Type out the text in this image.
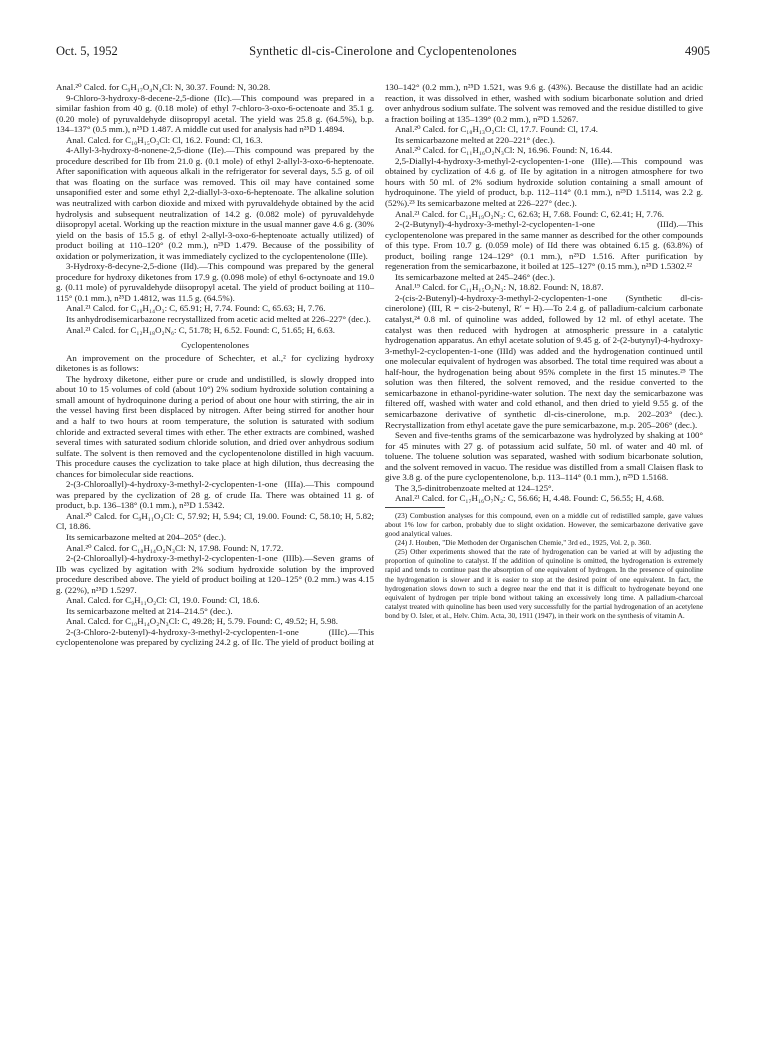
Oct. 5, 1952	Synthetic dl-cis-Cinerolone and Cyclopentenolones	4905

Anal.²⁰ Calcd. for C₉H₁₇O₄N₄Cl: N, 30.37. Found: N, 30.28.

9-Chloro-3-hydroxy-8-decene-2,5-dione (IIc).—This compound was prepared in a similar fashion from 40 g. (0.18 mole) of ethyl 7-chloro-3-oxo-6-octenoate and 35.1 g. (0.20 mole) of pyruvaldehyde diisopropyl acetal. The yield was 25.8 g. (64.5%), b.p. 134–137° (0.5 mm.), n²⁵D 1.487. A middle cut used for analysis had n²⁵D 1.4894.

Anal. Calcd. for C₁₀H₁₅O₃Cl: Cl, 16.2. Found: Cl, 16.3.

4-Allyl-3-hydroxy-8-nonene-2,5-dione (IIe).—This compound was prepared by the procedure described for IIb from 21.0 g. (0.1 mole) of ethyl 2-allyl-3-oxo-6-heptenoate. After saponification with aqueous alkali in the refrigerator for several days, 5.5 g. of oil that was floating on the surface was removed. This oil may have contained some unsaponified ester and some ethyl 2,2-diallyl-3-oxo-6-heptenoate. The alkaline solution was neutralized with carbon dioxide and mixed with pyruvaldehyde obtained by the acid hydrolysis and subsequent neutralization of 14.2 g. (0.082 mole) of pyruvaldehyde diisopropyl acetal. Working up the reaction mixture in the usual manner gave 4.6 g. (30% yield on the basis of 15.5 g. of ethyl 2-allyl-3-oxo-6-heptenoate actually utilized) of product boiling at 110–120° (0.2 mm.), n²⁵D 1.479. Because of the possibility of oxidation or polymerization, it was immediately cyclized to the cyclopentenolone (IIIe).

3-Hydroxy-8-decyne-2,5-dione (IId).—This compound was prepared by the general procedure for hydroxy diketones from 17.9 g. (0.098 mole) of ethyl 6-octynoate and 19.0 g. (0.11 mole) of pyruvaldehyde diisopropyl acetal. The yield of product boiling at 110–115° (0.1 mm.), n²⁵D 1.4812, was 11.5 g. (64.5%).

Anal.²¹ Calcd. for C₁₀H₁₄O₃: C, 65.91; H, 7.74. Found: C, 65.63; H, 7.76.

Its anhydrodisemicarbazone recrystallized from acetic acid melted at 226–227° (dec.).

Anal.²¹ Calcd. for C₁₂H₁₈O₂N₆: C, 51.78; H, 6.52. Found: C, 51.65; H, 6.63.

Cyclopentenolones

An improvement on the procedure of Schechter, et al.,² for cyclizing hydroxy diketones is as follows:

The hydroxy diketone, either pure or crude and undistilled, is slowly dropped into about 10 to 15 volumes of cold (about 10°) 2% sodium hydroxide solution containing a small amount of hydroquinone during a period of about one hour with stirring, the air in the vessel having first been displaced by nitrogen. After being stirred for another hour and a half to two hours at room temperature, the solution is saturated with sodium chloride and extracted several times with ether. The ether extracts are combined, washed several times with saturated sodium chloride solution, and dried over anhydrous sodium sulfate. The solvent is then removed and the cyclopentenolone distilled in high vacuum. This procedure causes the cyclization to take place at high dilution, thus decreasing the chances for bimolecular side reactions.

2-(3-Chloroallyl)-4-hydroxy-3-methyl-2-cyclopenten-1-one (IIIa).—This compound was prepared by the cyclization of 28 g. of crude IIa. There was obtained 11 g. of product, b.p. 136–138° (0.1 mm.), n²⁵D 1.5342.

Anal.²⁰ Calcd. for C₉H₁₁O₂Cl: C, 57.92; H, 5.94; Cl, 19.00. Found: C, 58.10; H, 5.82; Cl, 18.86.

Its semicarbazone melted at 204–205° (dec.).

Anal.²⁰ Calcd. for C₁₀H₁₄O₂N₃Cl: N, 17.98. Found: N, 17.72.

2-(2-Chloroallyl)-4-hydroxy-3-methyl-2-cyclopenten-1-one (IIIb).—Seven grams of IIb was cyclized by agitation with 2% sodium hydroxide solution by the improved procedure described above. The yield of product boiling at 120–125° (0.2 mm.) was 4.15 g. (22%), n²⁵D 1.5297.

Anal. Calcd. for C₉H₁₁O₂Cl: Cl, 19.0. Found: Cl, 18.6.

Its semicarbazone melted at 214–214.5° (dec.).

Anal. Calcd. for C₁₀H₁₄O₂N₃Cl: C, 49.28; H, 5.79. Found: C, 49.52; H, 5.98.

2-(3-Chloro-2-butenyl)-4-hydroxy-3-methyl-2-cyclopenten-1-one (IIIc).—This cyclopentenolone was prepared by cyclizing 24.2 g. of IIc. The yield of product boiling at

130–142° (0.2 mm.), n²⁵D 1.521, was 9.6 g. (43%). Because the distillate had an acidic reaction, it was dissolved in ether, washed with sodium bicarbonate solution and dried over anhydrous sodium sulfate. The solvent was removed and the residue distilled to give a fraction boiling at 135–139° (0.2 mm.), n²⁵D 1.5267.

Anal.²⁰ Calcd. for C₁₀H₁₃O₂Cl: Cl, 17.7. Found: Cl, 17.4.

Its semicarbazone melted at 220–221° (dec.).

Anal.²⁰ Calcd. for C₁₁H₁₆O₂N₃Cl: N, 16.96. Found: N, 16.44.

2,5-Diallyl-4-hydroxy-3-methyl-2-cyclopenten-1-one (IIIe).—This compound was obtained by cyclization of 4.6 g. of IIe by agitation in a nitrogen atmosphere for two hours with 50 ml. of 2% sodium hydroxide solution containing a small amount of hydroquinone. The yield of product, b.p. 112–114° (0.1 mm.), n²⁵D 1.5114, was 2.2 g. (52%).²³ Its semicarbazone melted at 226–227° (dec.).

Anal.²¹ Calcd. for C₁₃H₁₉O₂N₃: C, 62.63; H, 7.68. Found: C, 62.41; H, 7.76.

2-(2-Butynyl)-4-hydroxy-3-methyl-2-cyclopenten-1-one (IIId).—This cyclopentenolone was prepared in the same manner as described for the other compounds of this type. From 10.7 g. (0.059 mole) of IId there was obtained 6.15 g. (63.8%) of product, boiling range 124–129° (0.1 mm.), n²⁵D 1.516. After purification by regeneration from the semicarbazone, it boiled at 125–127° (0.15 mm.), n²⁵D 1.5302.²²

Its semicarbazone melted at 245–246° (dec.).

Anal.¹⁹ Calcd. for C₁₁H₁₅O₂N₃: N, 18.82. Found: N, 18.87.

2-(cis-2-Butenyl)-4-hydroxy-3-methyl-2-cyclopenten-1-one (Synthetic dl-cis-cinerolone) (III, R = cis-2-butenyl, R′ = H).—To 2.4 g. of palladium-calcium carbonate catalyst,²⁴ 0.8 ml. of quinoline was added, followed by 12 ml. of ethyl acetate. The catalyst was then reduced with hydrogen at atmospheric pressure in a catalytic hydrogenation apparatus. An ethyl acetate solution of 9.45 g. of 2-(2-butynyl)-4-hydroxy-3-methyl-2-cyclopenten-1-one (IIId) was added and the hydrogenation continued until one molecular equivalent of hydrogen was absorbed. The total time required was about a half-hour, the hydrogenation being about 95% complete in the first 15 minutes.²⁵ The solution was then filtered, the solvent removed, and the residue converted to the semicarbazone in ethanol-pyridine-water solution. The next day the semicarbazone was filtered off, washed with water and cold ethanol, and then dried to yield 9.55 g. of the semicarbazone derivative of synthetic dl-cis-cinerolone, m.p. 202–203° (dec.). Recrystallization from ethyl acetate gave the pure semicarbazone, m.p. 205–206° (dec.).

Seven and five-tenths grams of the semicarbazone was hydrolyzed by shaking at 100° for 45 minutes with 27 g. of potassium acid sulfate, 50 ml. of water and 40 ml. of toluene. The toluene solution was separated, washed with sodium bicarbonate solution, and the solvent removed in vacuo. The residue was distilled from a small Claisen flask to give 3.8 g. of the pure cyclopentenolone, b.p. 113–114° (0.1 mm.), n²⁵D 1.5168.

The 3,5-dinitrobenzoate melted at 124–125°.

Anal.²¹ Calcd. for C₁₇H₁₆O₇N₂: C, 56.66; H, 4.48. Found: C, 56.55; H, 4.68.

(23) Combustion analyses for this compound, even on a middle cut of redistilled sample, gave values about 1% low for carbon, probably due to slight oxidation. However, the semicarbazone derivative gave good analytical values.

(24) J. Houben, "Die Methoden der Organischen Chemie," 3rd ed., 1925, Vol. 2, p. 360.

(25) Other experiments showed that the rate of hydrogenation can be varied at will by adjusting the proportion of quinoline to catalyst. If the addition of quinoline is omitted, the hydrogenation is extremely rapid and tends to continue past the absorption of one equivalent of hydrogen. In the presence of quinoline the hydrogenation is slower and it is easier to stop at the desired point of one equivalent. In fact, the hydrogenation slows down to such a degree near the end that it is difficult to hydrogenate beyond one equivalent of hydrogen per triple bond without taking an excessively long time. A palladium-charcoal catalyst treated with quinoline has been used very successfully for the partial hydrogenation of an acetylene bond by O. Isler, et al., Helv. Chim. Acta, 30, 1911 (1947), in their work on the synthesis of vitamin A.
